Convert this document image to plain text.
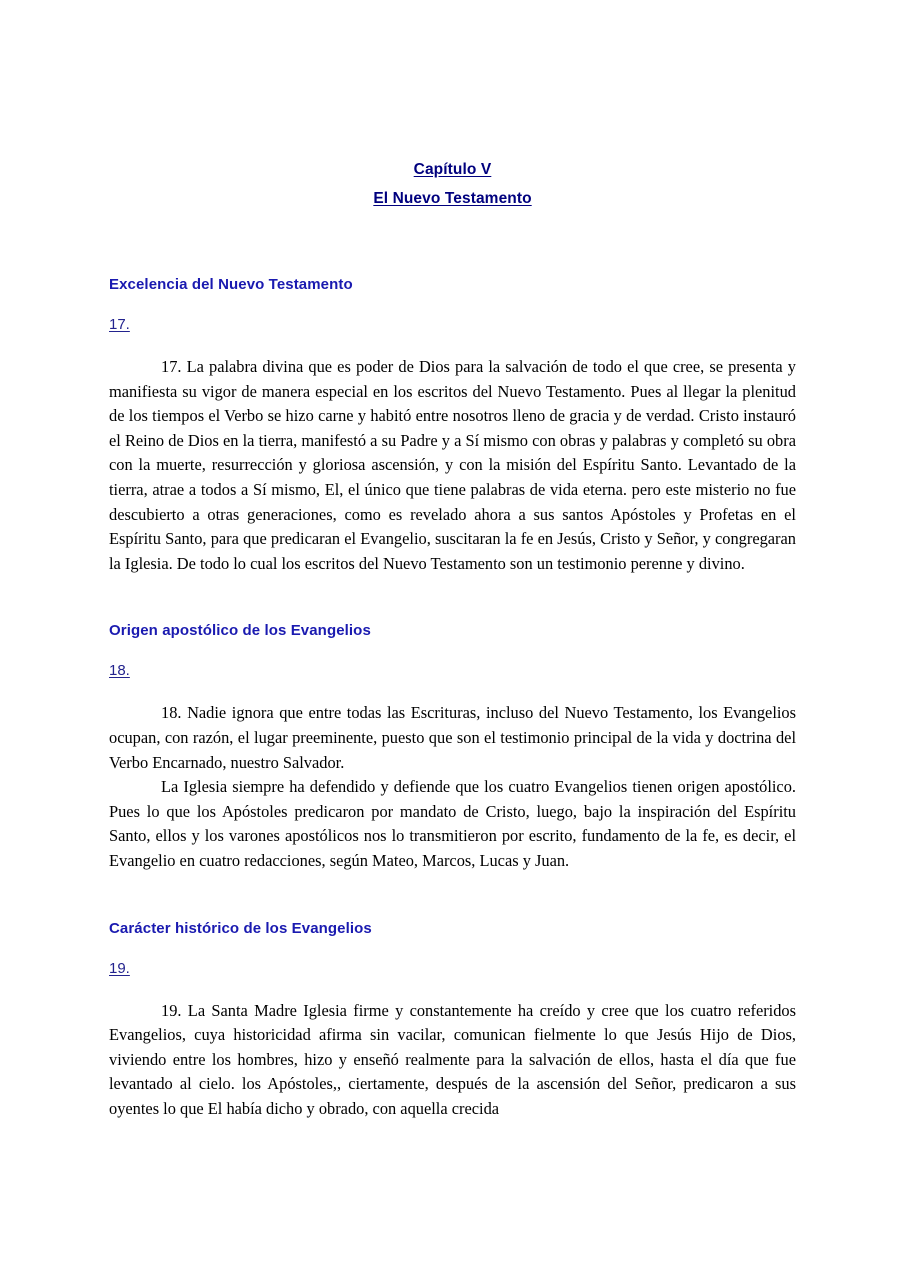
Capítulo V
El Nuevo Testamento
Excelencia del Nuevo Testamento
17.

17. La palabra divina que es poder de Dios para la salvación de todo el que cree, se presenta y manifiesta su vigor de manera especial en los escritos del Nuevo Testamento. Pues al llegar la plenitud de los tiempos el Verbo se hizo carne y habitó entre nosotros lleno de gracia y de verdad. Cristo instauró el Reino de Dios en la tierra, manifestó a su Padre y a Sí mismo con obras y palabras y completó su obra con la muerte, resurrección y gloriosa ascensión, y con la misión del Espíritu Santo. Levantado de la tierra, atrae a todos a Sí mismo, El, el único que tiene palabras de vida eterna. pero este misterio no fue descubierto a otras generaciones, como es revelado ahora a sus santos Apóstoles y Profetas en el Espíritu Santo, para que predicaran el Evangelio, suscitaran la fe en Jesús, Cristo y Señor, y congregaran la Iglesia. De todo lo cual los escritos del Nuevo Testamento son un testimonio perenne y divino.

Origen apostólico de los Evangelios
18.

18. Nadie ignora que entre todas las Escrituras, incluso del Nuevo Testamento, los Evangelios ocupan, con razón, el lugar preeminente, puesto que son el testimonio principal de la vida y doctrina del Verbo Encarnado, nuestro Salvador.

La Iglesia siempre ha defendido y defiende que los cuatro Evangelios tienen origen apostólico. Pues lo que los Apóstoles predicaron por mandato de Cristo, luego, bajo la inspiración del Espíritu Santo, ellos y los varones apostólicos nos lo transmitieron por escrito, fundamento de la fe, es decir, el Evangelio en cuatro redacciones, según Mateo, Marcos, Lucas y Juan.

Carácter histórico de los Evangelios
19.

19. La Santa Madre Iglesia firme y constantemente ha creído y cree que los cuatro referidos Evangelios, cuya historicidad afirma sin vacilar, comunican fielmente lo que Jesús Hijo de Dios, viviendo entre los hombres, hizo y enseñó realmente para la salvación de ellos, hasta el día que fue levantado al cielo. los Apóstoles,, ciertamente, después de la ascensión del Señor, predicaron a sus oyentes lo que El había dicho y obrado, con aquella crecida
